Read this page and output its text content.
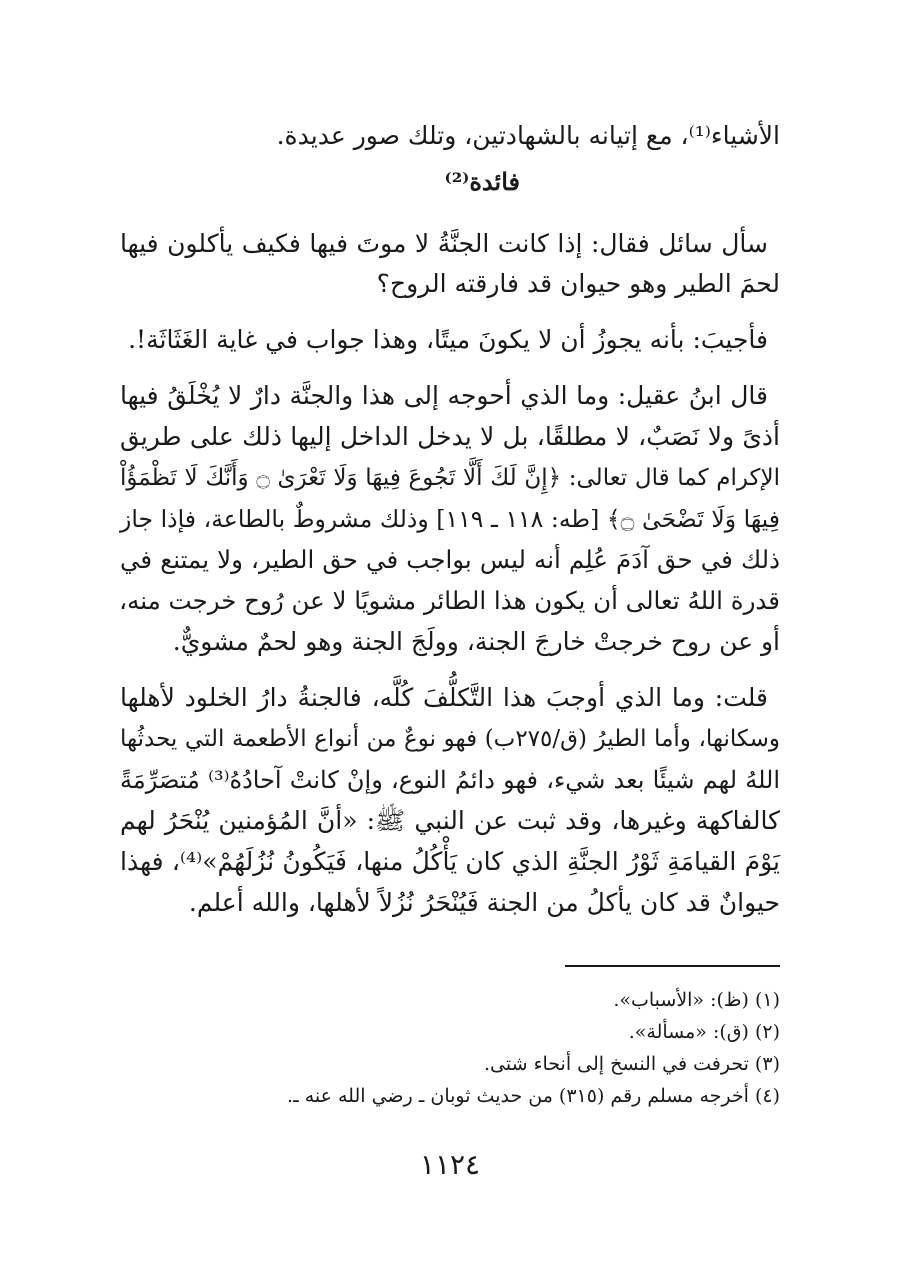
الأشياء⁽¹⁾، مع إتيانه بالشهادتين، وتلك صور عديدة.
فائدة⁽²⁾
سأل سائل فقال: إذا كانت الجنَّةُ لا موتَ فيها فكيف يأكلون فيها
لحمَ الطير وهو حيوان قد فارقته الروح؟
فأجيبَ: بأنه يجوزُ أن لا يكونَ ميتًا، وهذا جواب في غاية الغَثَاثَة!.
قال ابنُ عقيل: وما الذي أحوجه إلى هذا والجنَّة دارٌ لا يُخْلَقُ فيها
أذىً ولا نَصَبٌ، لا مطلقًا، بل لا يدخل الداخل إليها ذلك على طريق
الإكرام كما قال تعالى: ﴿إِنَّ لَكَ أَلَّا تَجُوعَ فِيهَا وَلَا تَعْرَىٰ ۝ وَأَنَّكَ لَا تَظْمَؤُاْ
فِيهَا وَلَا تَضْحَىٰ ۝﴾ [طه: ١١٨ ـ ١١٩] وذلك مشروطٌ بالطاعة، فإذا جاز
ذلك في حق آدَمَ عُلِم أنه ليس بواجب في حق الطير، ولا يمتنع في
قدرة اللهُ تعالى أن يكون هذا الطائر مشويًا لا عن رُوح خرجت منه،
أو عن روح خرجتْ خارجَ الجنة، وولَجَ الجنة وهو لحمٌ مشويٌّ.
قلت: وما الذي أوجبَ هذا التَّكلُّفَ كُلَّه، فالجنةُ دارُ الخلود لأهلها
وسكانها، وأما الطيرُ (ق/٢٧٥ب) فهو نوعٌ من أنواع الأطعمة التي يحدثُها
اللهُ لهم شيئًا بعد شيء، فهو دائمُ النوع، وإنْ كانتْ آحادُهُ⁽³⁾ مُتصَرِّمَةً
كالفاكهة وغيرها، وقد ثبت عن النبي ﷺ: «أنَّ المُؤمنين يُنْحَرُ لهم
يَوْمَ القيامَةِ ثَوْرُ الجنَّةِ الذي كان يَأْكُلُ منها، فَيَكُونُ نُزُلَهُمْ»⁽⁴⁾، فهذا
حيوانٌ قد كان يأكلُ من الجنة فَيُنْحَرُ نُزُلاً لأهلها، والله أعلم.
(١) (ظ): «الأسباب».
(٢) (ق): «مسألة».
(٣) تحرفت في النسخ إلى أنحاء شتى.
(٤) أخرجه مسلم رقم (٣١٥) من حديث ثوبان ـ رضي الله عنه ـ.
١١٢٤
